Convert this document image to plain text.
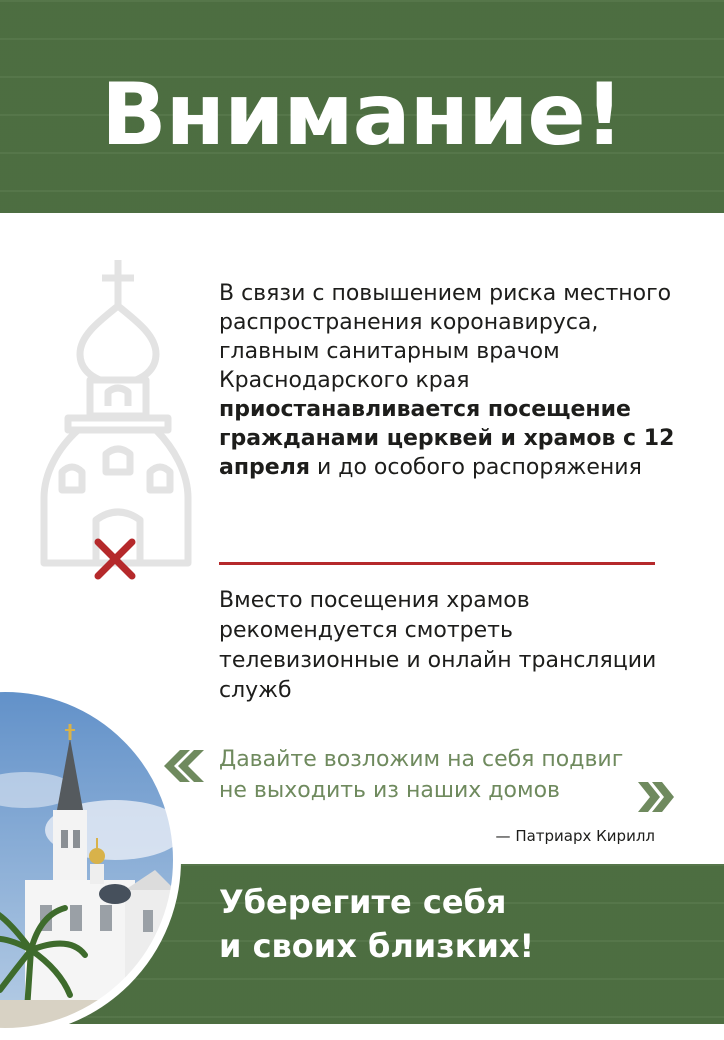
Внимание!
В связи с повышением риска местного распространения коронавируса, главным санитарным врачом Краснодарского края приостанавливается посещение гражданами церквей и храмов с 12 апреля и до особого распоряжения
Вместо посещения храмов рекомендуется смотреть телевизионные и онлайн трансляции служб
Давайте возложим на себя подвиг не выходить из наших домов
— Патриарх Кирилл
Уберегите себя
и своих близких!
